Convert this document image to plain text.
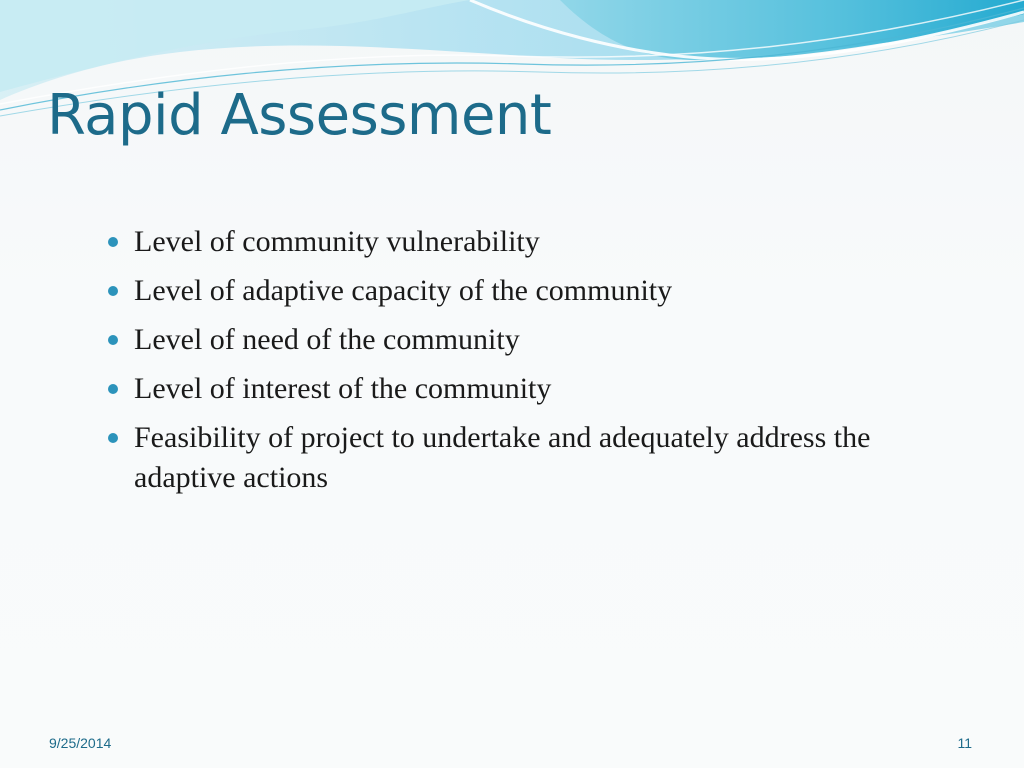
Rapid Assessment
Level of community vulnerability
Level of adaptive capacity of the community
Level of need of the community
Level of interest of the community
Feasibility of project to undertake and adequately address the adaptive actions
9/25/2014	11
